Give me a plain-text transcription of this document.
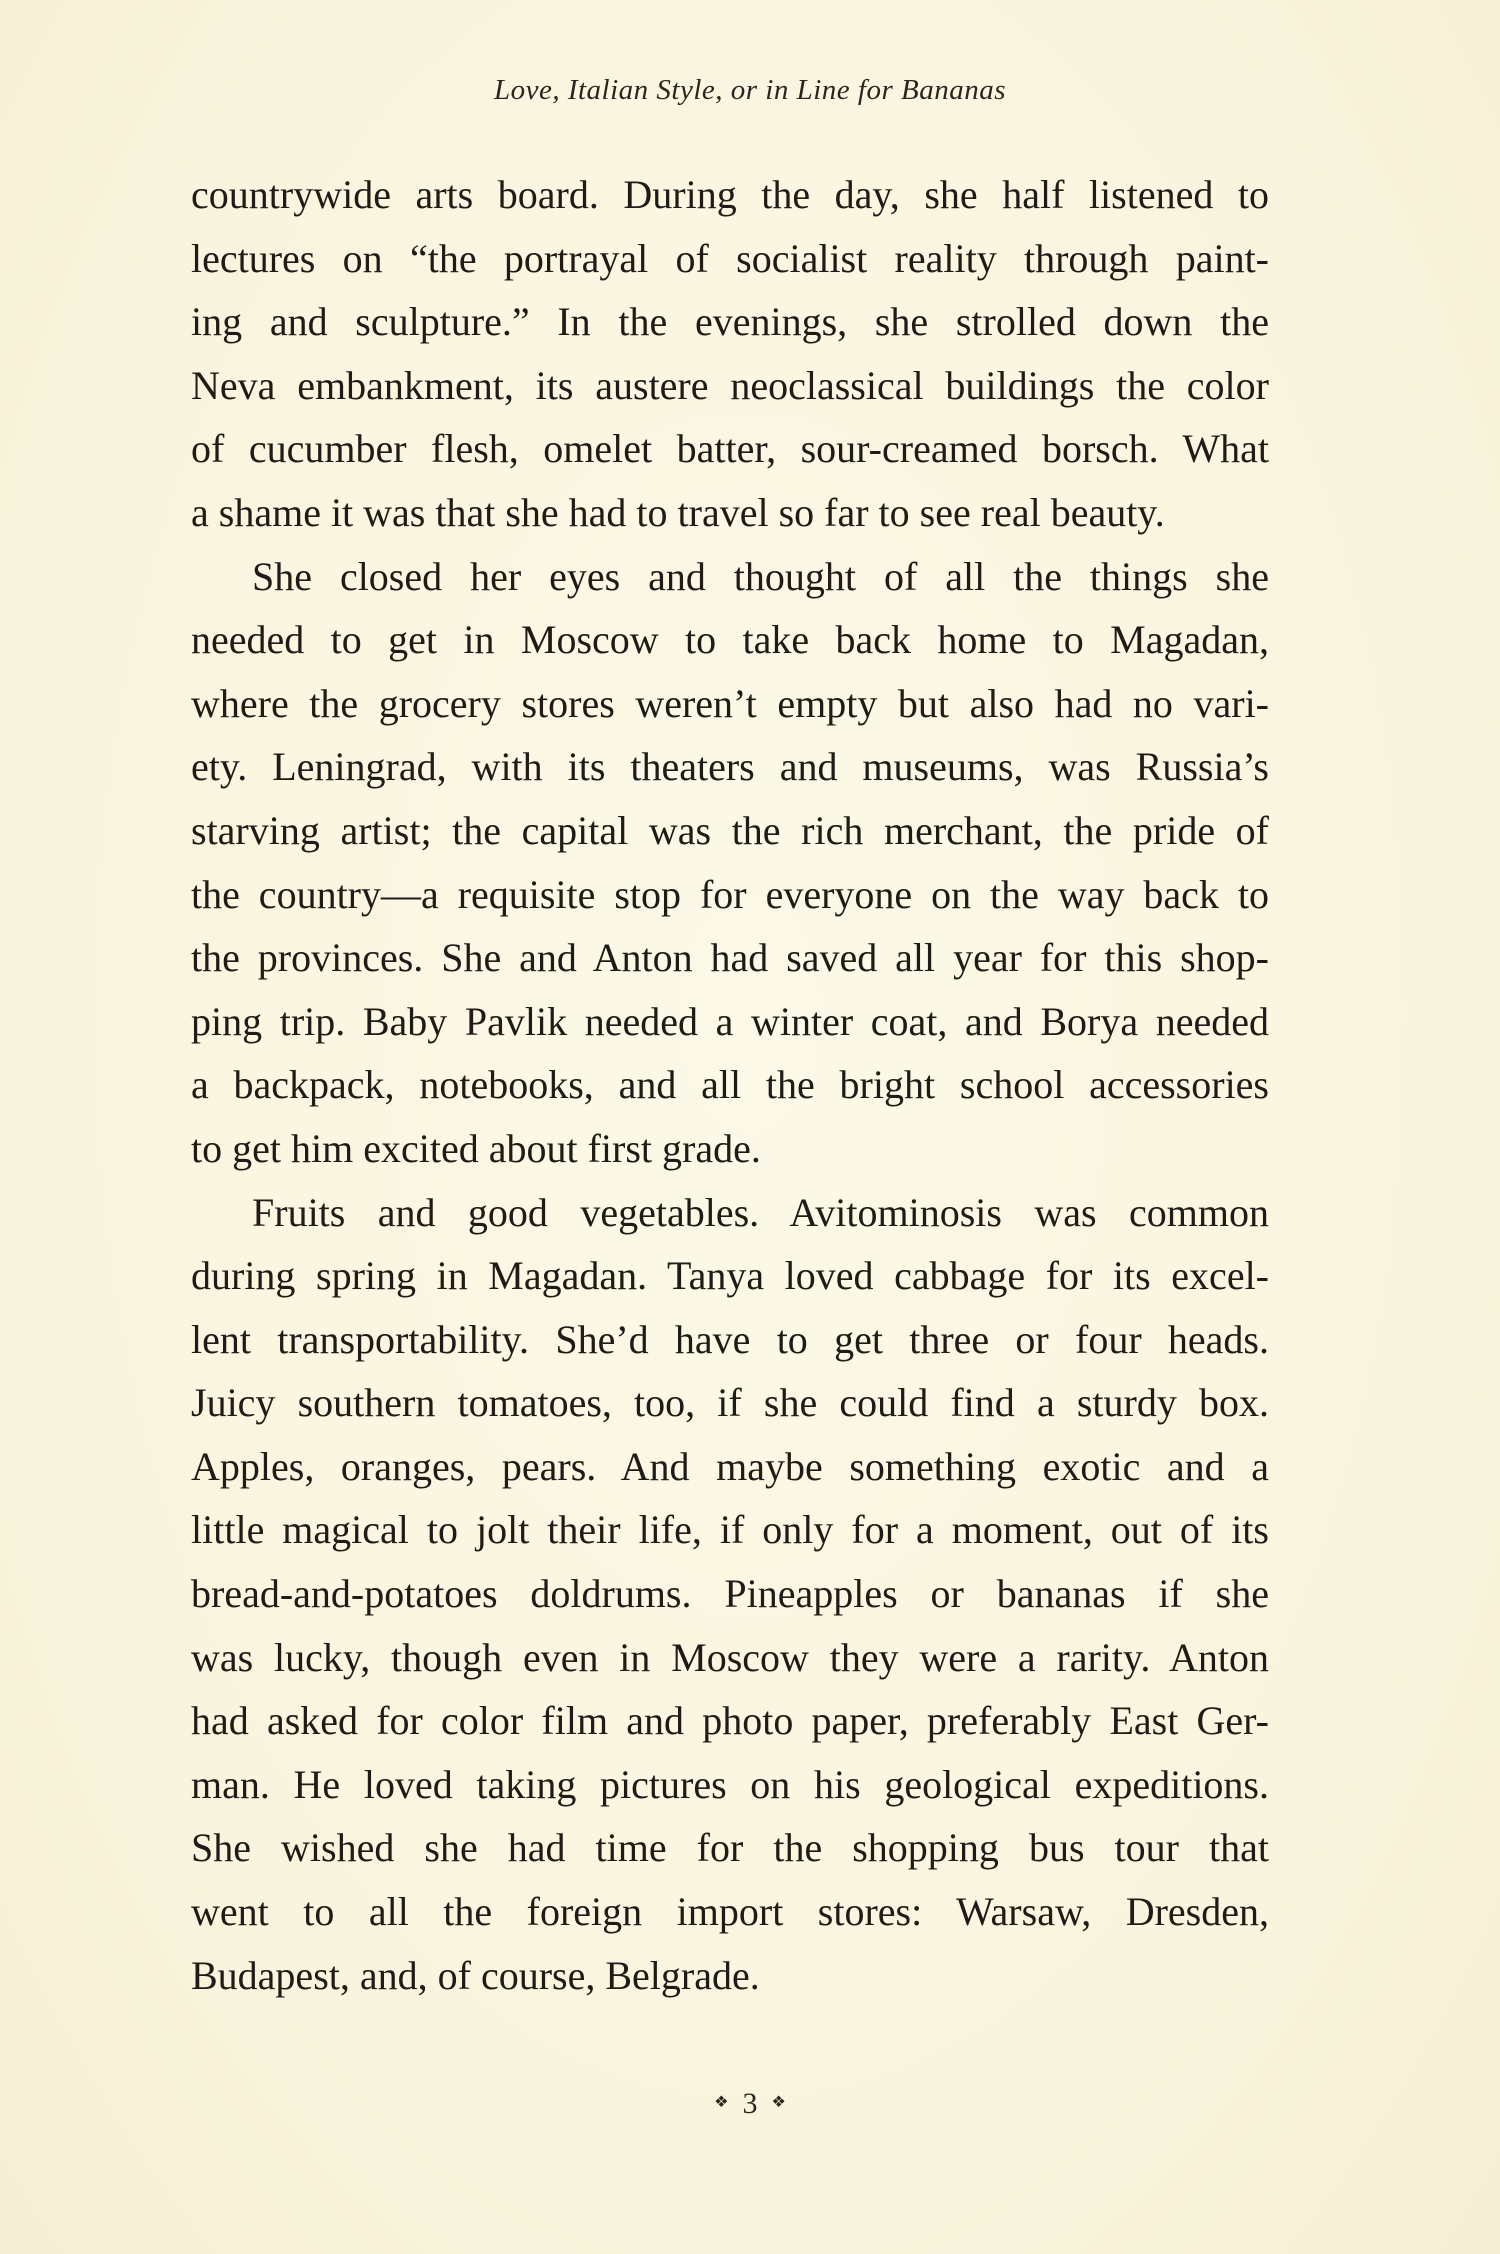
Love, Italian Style, or in Line for Bananas
countrywide arts board. During the day, she half listened to
lectures on “the portrayal of socialist reality through paint-
ing and sculpture.” In the evenings, she strolled down the
Neva embankment, its austere neoclassical buildings the color
of cucumber flesh, omelet batter, sour-creamed borsch. What
a shame it was that she had to travel so far to see real beauty.
She closed her eyes and thought of all the things she
needed to get in Moscow to take back home to Magadan,
where the grocery stores weren’t empty but also had no vari-
ety. Leningrad, with its theaters and museums, was Russia’s
starving artist; the capital was the rich merchant, the pride of
the country—a requisite stop for everyone on the way back to
the provinces. She and Anton had saved all year for this shop-
ping trip. Baby Pavlik needed a winter coat, and Borya needed
a backpack, notebooks, and all the bright school accessories
to get him excited about first grade.
Fruits and good vegetables. Avitominosis was common
during spring in Magadan. Tanya loved cabbage for its excel-
lent transportability. She’d have to get three or four heads.
Juicy southern tomatoes, too, if she could find a sturdy box.
Apples, oranges, pears. And maybe something exotic and a
little magical to jolt their life, if only for a moment, out of its
bread-and-potatoes doldrums. Pineapples or bananas if she
was lucky, though even in Moscow they were a rarity. Anton
had asked for color film and photo paper, preferably East Ger-
man. He loved taking pictures on his geological expeditions.
She wished she had time for the shopping bus tour that
went to all the foreign import stores: Warsaw, Dresden,
Budapest, and, of course, Belgrade.
❖ 3 ❖
